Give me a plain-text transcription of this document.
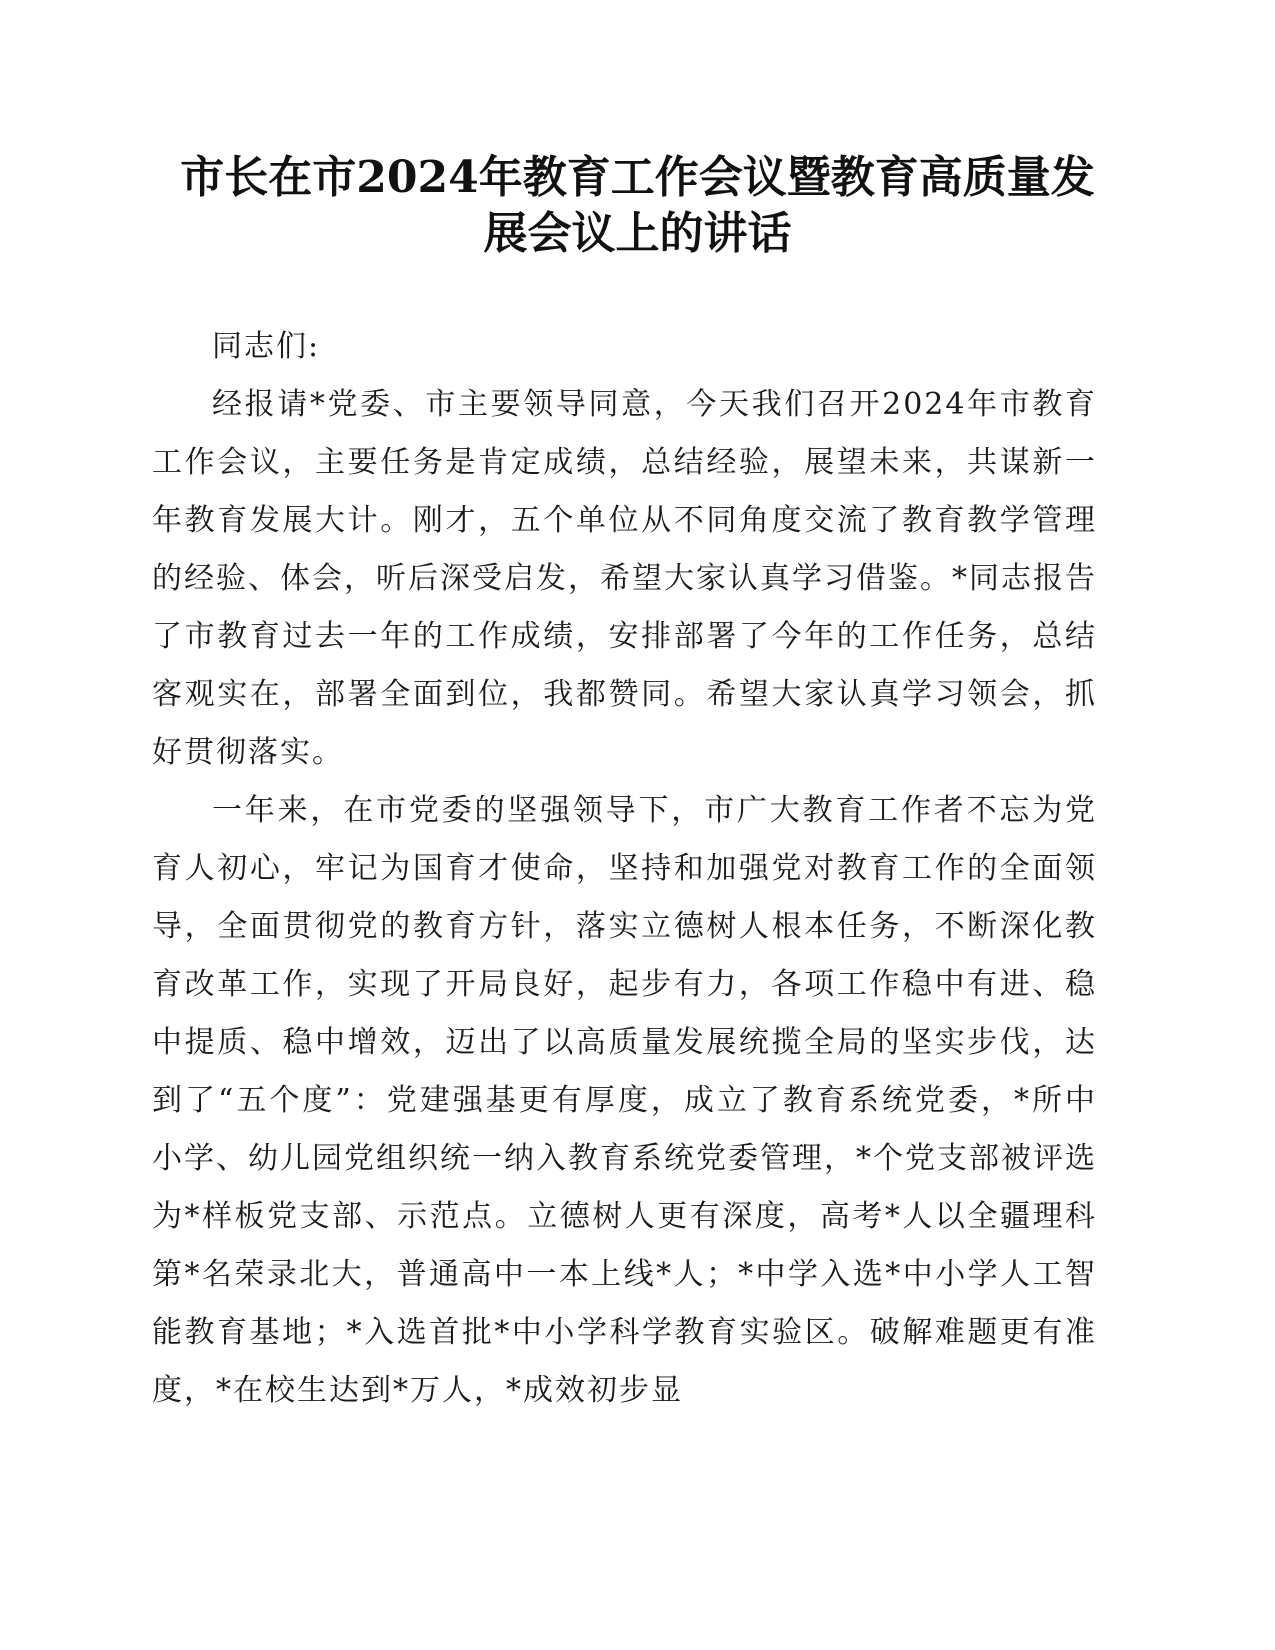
市长在市2024年教育工作会议暨教育高质量发
展会议上的讲话

同志们:

经报请*党委、市主要领导同意，今天我们召开2024年市教育工作会议，主要任务是肯定成绩，总结经验，展望未来，共谋新一年教育发展大计。刚才，五个单位从不同角度交流了教育教学管理的经验、体会，听后深受启发，希望大家认真学习借鉴。*同志报告了市教育过去一年的工作成绩，安排部署了今年的工作任务，总结客观实在，部署全面到位，我都赞同。希望大家认真学习领会，抓好贯彻落实。

一年来，在市党委的坚强领导下，市广大教育工作者不忘为党育人初心，牢记为国育才使命，坚持和加强党对教育工作的全面领导，全面贯彻党的教育方针，落实立德树人根本任务，不断深化教育改革工作，实现了开局良好，起步有力，各项工作稳中有进、稳中提质、稳中增效，迈出了以高质量发展统揽全局的坚实步伐，达到了“五个度”：党建强基更有厚度，成立了教育系统党委，*所中小学、幼儿园党组织统一纳入教育系统党委管理，*个党支部被评选为*样板党支部、示范点。立德树人更有深度，高考*人以全疆理科第*名荣录北大，普通高中一本上线*人；*中学入选*中小学人工智能教育基地；*入选首批*中小学科学教育实验区。破解难题更有准度，*在校生达到*万人，*成效初步显
